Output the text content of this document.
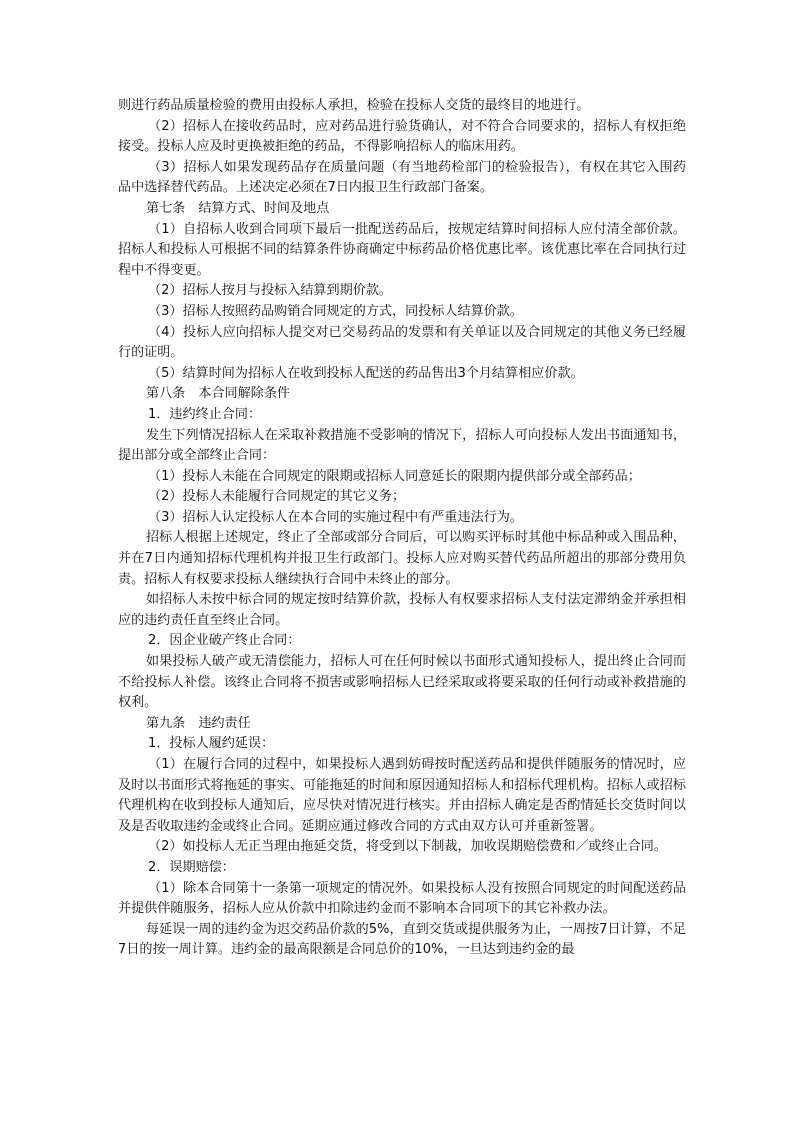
则进行药品质量检验的费用由投标人承担，检验在投标人交货的最终目的地进行。

（2）招标人在接收药品时，应对药品进行验货确认，对不符合合同要求的，招标人有权拒绝接受。投标人应及时更换被拒绝的药品，不得影响招标人的临床用药。

（3）招标人如果发现药品存在质量问题（有当地药检部门的检验报告），有权在其它入围药品中选择替代药品。上述决定必须在7日内报卫生行政部门备案。

第七条　结算方式、时间及地点

（1）自招标人收到合同项下最后一批配送药品后，按规定结算时间招标人应付清全部价款。招标人和投标人可根据不同的结算条件协商确定中标药品价格优惠比率。该优惠比率在合同执行过程中不得变更。

（2）招标人按月与投标入结算到期价款。

（3）招标人按照药品购销合同规定的方式，同投标人结算价款。

（4）投标人应向招标人提交对已交易药品的发票和有关单证以及合同规定的其他义务已经履行的证明。

（5）结算时间为招标人在收到投标人配送的药品售出3个月结算相应价款。

第八条　本合同解除条件

1．违约终止合同：

发生下列情况招标人在采取补救措施不受影响的情况下，招标人可向投标人发出书面通知书，提出部分或全部终止合同：

（1）投标人未能在合同规定的限期或招标人同意延长的限期内提供部分或全部药品；

（2）投标人未能履行合同规定的其它义务；

（3）招标人认定投标人在本合同的实施过程中有严重违法行为。

招标人根据上述规定，终止了全部或部分合同后，可以购买评标时其他中标品种或入围品种，并在7日内通知招标代理机构并报卫生行政部门。投标人应对购买替代药品所超出的那部分费用负责。招标人有权要求投标人继续执行合同中未终止的部分。

如招标人未按中标合同的规定按时结算价款，投标人有权要求招标人支付法定滞纳金并承担相应的违约责任直至终止合同。

2．因企业破产终止合同：

如果投标人破产或无清偿能力，招标人可在任何时候以书面形式通知投标人，提出终止合同而不给投标人补偿。该终止合同将不损害或影响招标人已经采取或将要采取的任何行动或补救措施的权利。

第九条　违约责任

1．投标人履约延误：

（1）在履行合同的过程中，如果投标人遇到妨碍按时配送药品和提供伴随服务的情况时，应及时以书面形式将拖延的事实、可能拖延的时间和原因通知招标人和招标代理机构。招标人或招标代理机构在收到投标人通知后，应尽快对情况进行核实。并由招标人确定是否酌情延长交货时间以及是否收取违约金或终止合同。延期应通过修改合同的方式由双方认可并重新签署。

（2）如投标人无正当理由拖延交货，将受到以下制裁，加收误期赔偿费和／或终止合同。

2．误期赔偿：

（1）除本合同第十一条第一项规定的情况外。如果投标人没有按照合同规定的时间配送药品并提供伴随服务，招标人应从价款中扣除违约金而不影响本合同项下的其它补救办法。

每延误一周的违约金为迟交药品价款的5%，直到交货或提供服务为止，一周按7日计算，不足7日的按一周计算。违约金的最高限额是合同总价的10%，一旦达到违约金的最
